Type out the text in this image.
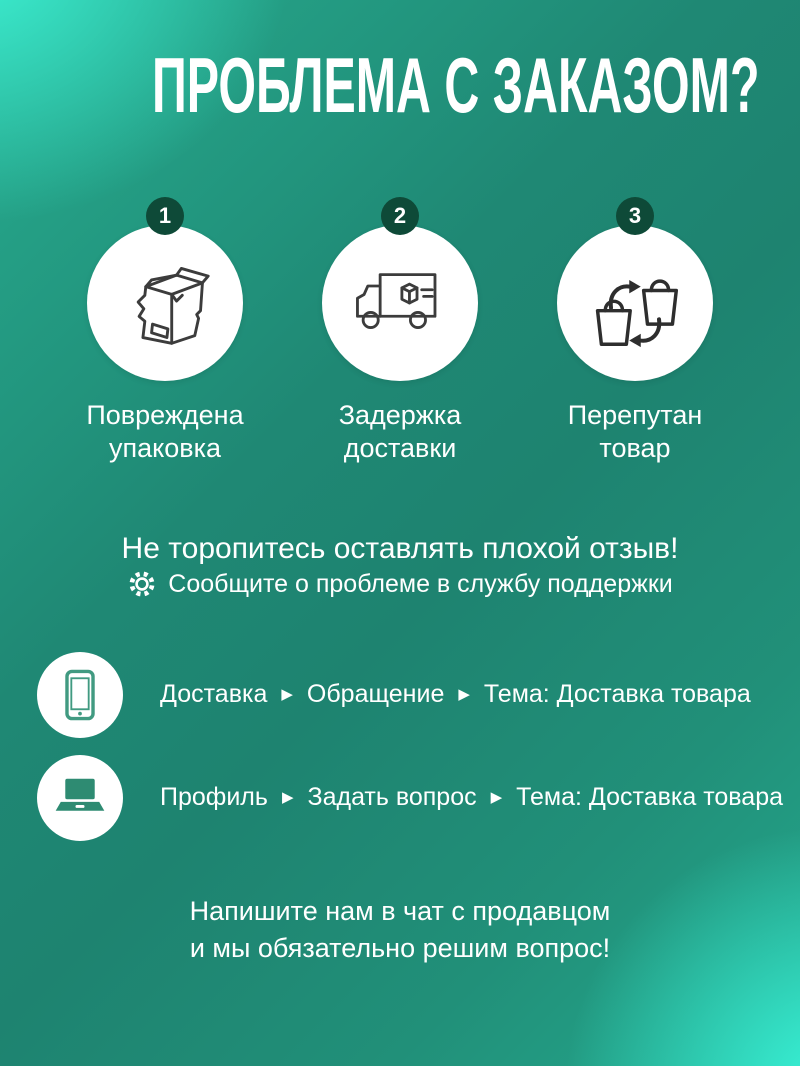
ПРОБЛЕМА С ЗАКАЗОМ?
1
Повреждена упаковка
2
Задержка доставки
3
Перепутан товар
Не торопитесь оставлять плохой отзыв!
Сообщите о проблеме в службу поддержки
Доставка ▶ Обращение ▶ Тема: Доставка товара
Профиль ▶ Задать вопрос ▶ Тема: Доставка товара
Напишите нам в чат с продавцом
и мы обязательно решим вопрос!
